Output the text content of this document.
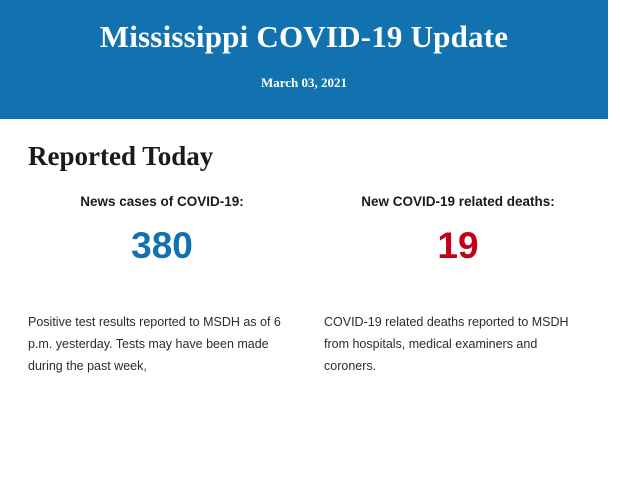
Mississippi COVID-19 Update
March 03, 2021
Reported Today
News cases of COVID-19:
380
New COVID-19 related deaths:
19
Positive test results reported to MSDH as of 6 p.m. yesterday. Tests may have been made during the past week,
COVID-19 related deaths reported to MSDH from hospitals, medical examiners and coroners.
